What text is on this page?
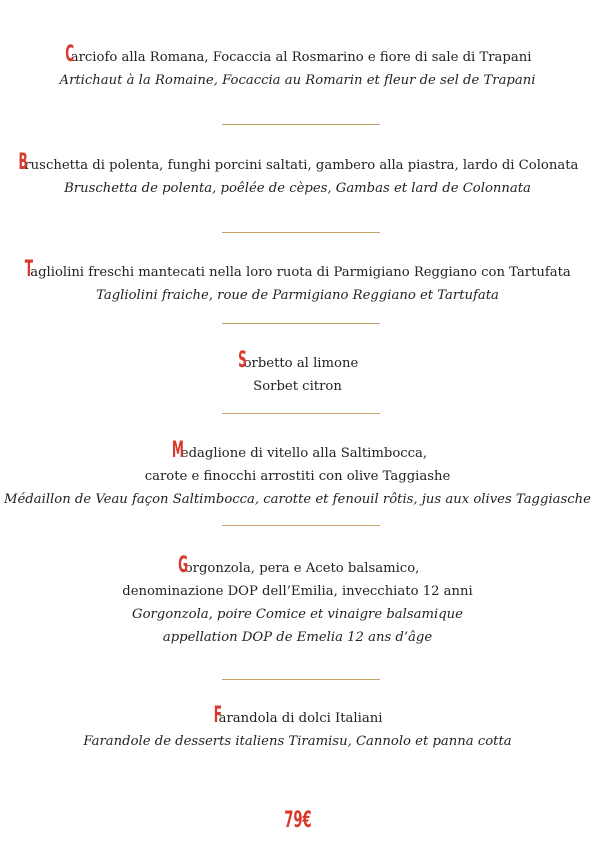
Carciofo alla Romana, Focaccia al Rosmarino e fiore di sale di Trapani
Artichaut à la Romaine, Focaccia au Romarin et fleur de sel de Trapani
Bruschetta di polenta, funghi porcini saltati, gambero alla piastra, lardo di Colonata
Bruschetta de polenta, poêlée de cèpes, Gambas et lard de Colonnata
Tagliolini freschi mantecati nella loro ruota di Parmigiano Reggiano con Tartufata
Tagliolini fraiche, roue de Parmigiano Reggiano et Tartufata
Sorbetto al limone
Sorbet citron
Medaglione di vitello alla Saltimbocca,
carote e finocchi arrostiti con olive Taggiashe
Médaillon de Veau façon Saltimbocca, carotte et fenouil rôtis, jus aux olives Taggiasche
Gorgonzola, pera e Aceto balsamico,
denominazione DOP dell’Emilia, invecchiato 12 anni
Gorgonzola, poire Comice et vinaigre balsamique
appellation DOP de Emelia 12 ans d’âge
Farandola di dolci Italiani
Farandole de desserts italiens Tiramisu, Cannolo et panna cotta
79€
